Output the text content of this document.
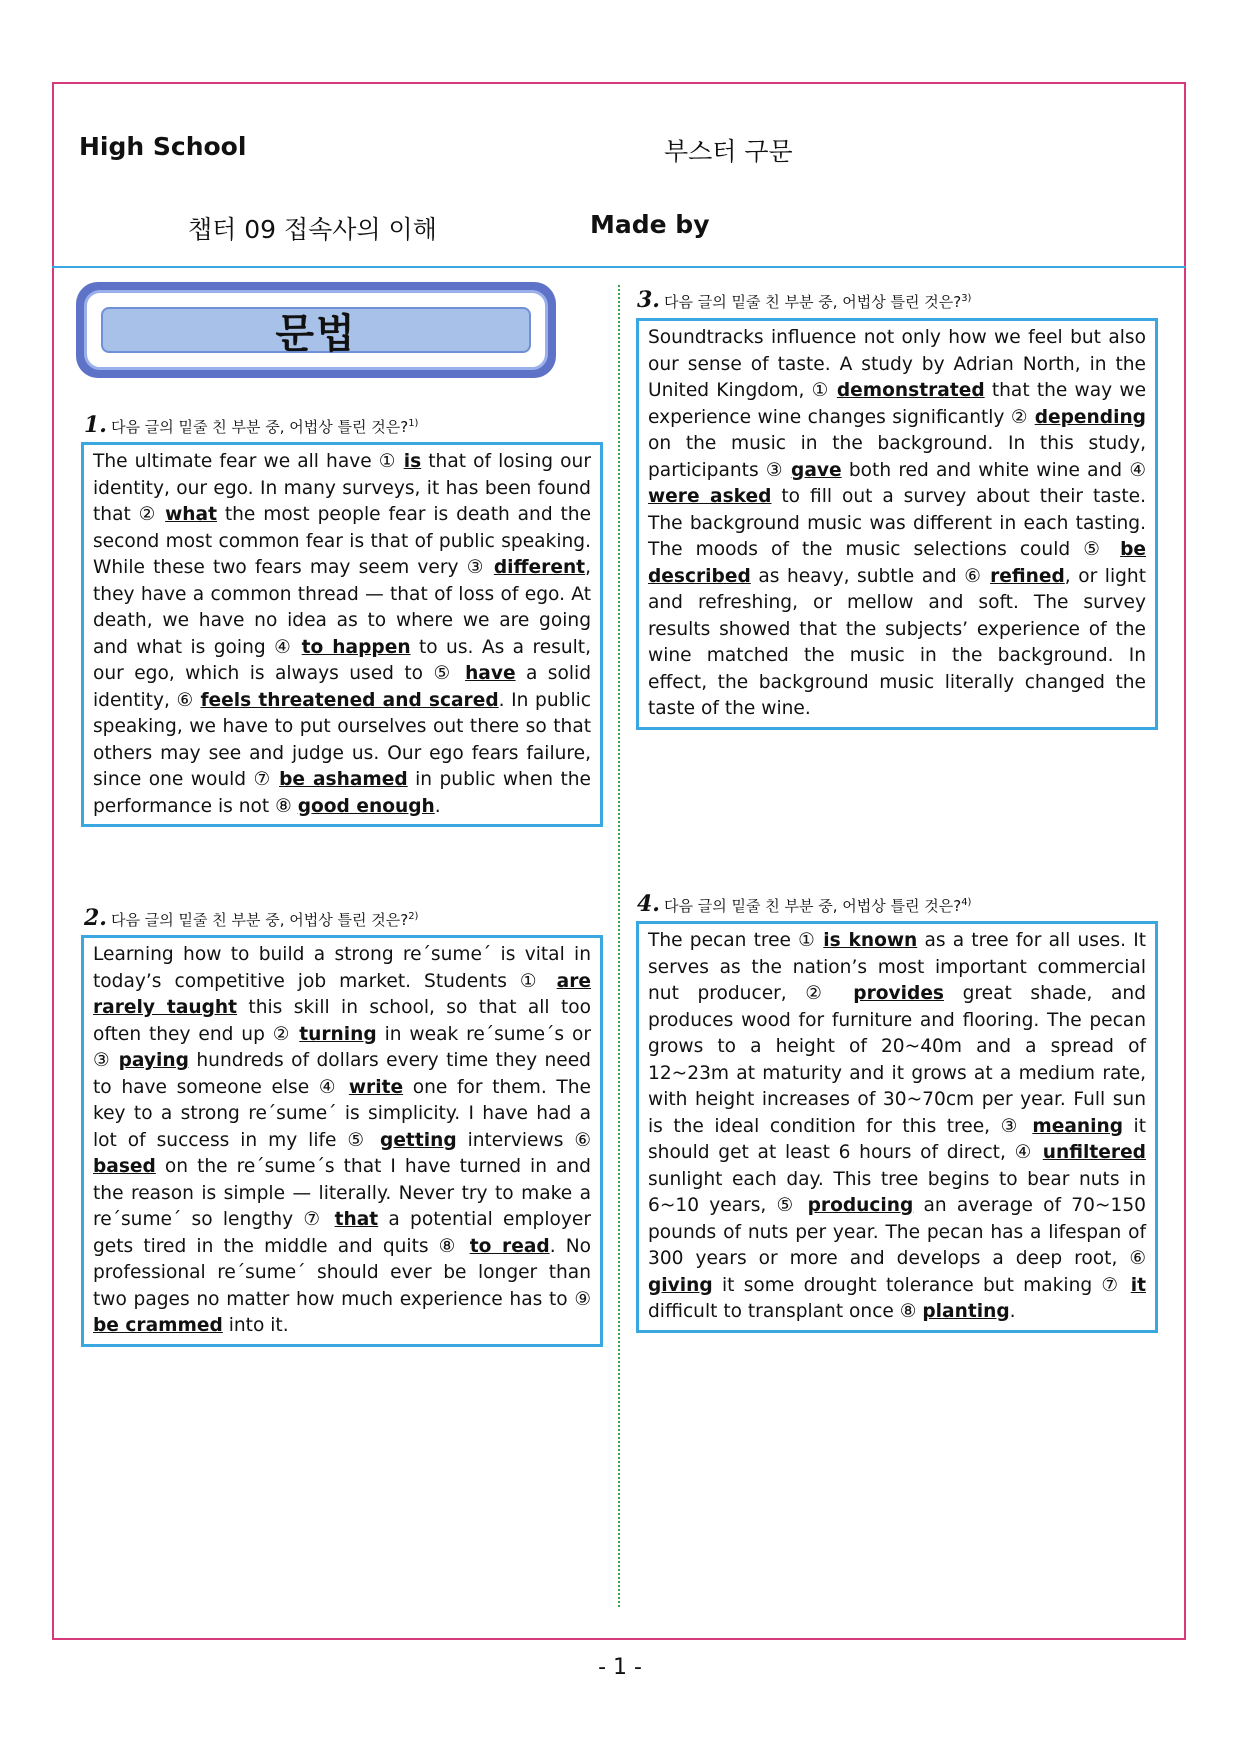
High School	부스터 구문
챕터 09 접속사의 이해	Made by
문법
1. 다음 글의 밑줄 친 부분 중, 어법상 틀린 것은?$^{1)}$
The ultimate fear we all have ① is that of losing our identity, our ego. In many surveys, it has been found that ② what the most people fear is death and the second most common fear is that of public speaking. While these two fears may seem very ③ different, they have a common thread — that of loss of ego. At death, we have no idea as to where we are going and what is going ④ to happen to us. As a result, our ego, which is always used to ⑤ have a solid identity, ⑥ feels threatened and scared. In public speaking, we have to put ourselves out there so that others may see and judge us. Our ego fears failure, since one would ⑦ be ashamed in public when the performance is not ⑧ good enough.
2. 다음 글의 밑줄 친 부분 중, 어법상 틀린 것은?$^{2)}$
Learning how to build a strong re´sume´ is vital in today’s competitive job market. Students ① are rarely taught this skill in school, so that all too often they end up ② turning in weak re´sume´s or ③ paying hundreds of dollars every time they need to have someone else ④ write one for them. The key to a strong re´sume´ is simplicity. I have had a lot of success in my life ⑤ getting interviews ⑥ based on the re´sume´s that I have turned in and the reason is simple — literally. Never try to make a re´sume´ so lengthy ⑦ that a potential employer gets tired in the middle and quits ⑧ to read. No professional re´sume´ should ever be longer than two pages no matter how much experience has to ⑨ be crammed into it.
3. 다음 글의 밑줄 친 부분 중, 어법상 틀린 것은?$^{3)}$
Soundtracks influence not only how we feel but also our sense of taste. A study by Adrian North, in the United Kingdom, ① demonstrated that the way we experience wine changes significantly ② depending on the music in the background. In this study, participants ③ gave both red and white wine and ④ were asked to fill out a survey about their taste. The background music was different in each tasting. The moods of the music selections could ⑤ be described as heavy, subtle and ⑥ refined, or light and refreshing, or mellow and soft. The survey results showed that the subjects’ experience of the wine matched the music in the background. In effect, the background music literally changed the taste of the wine.
4. 다음 글의 밑줄 친 부분 중, 어법상 틀린 것은?$^{4)}$
The pecan tree ① is known as a tree for all uses. It serves as the nation’s most important commercial nut producer, ② provides great shade, and produces wood for furniture and flooring. The pecan grows to a height of 20~40m and a spread of 12~23m at maturity and it grows at a medium rate, with height increases of 30~70cm per year. Full sun is the ideal condition for this tree, ③ meaning it should get at least 6 hours of direct, ④ unfiltered sunlight each day. This tree begins to bear nuts in 6~10 years, ⑤ producing an average of 70~150 pounds of nuts per year. The pecan has a lifespan of 300 years or more and develops a deep root, ⑥ giving it some drought tolerance but making ⑦ it difficult to transplant once ⑧ planting.
- 1 -
